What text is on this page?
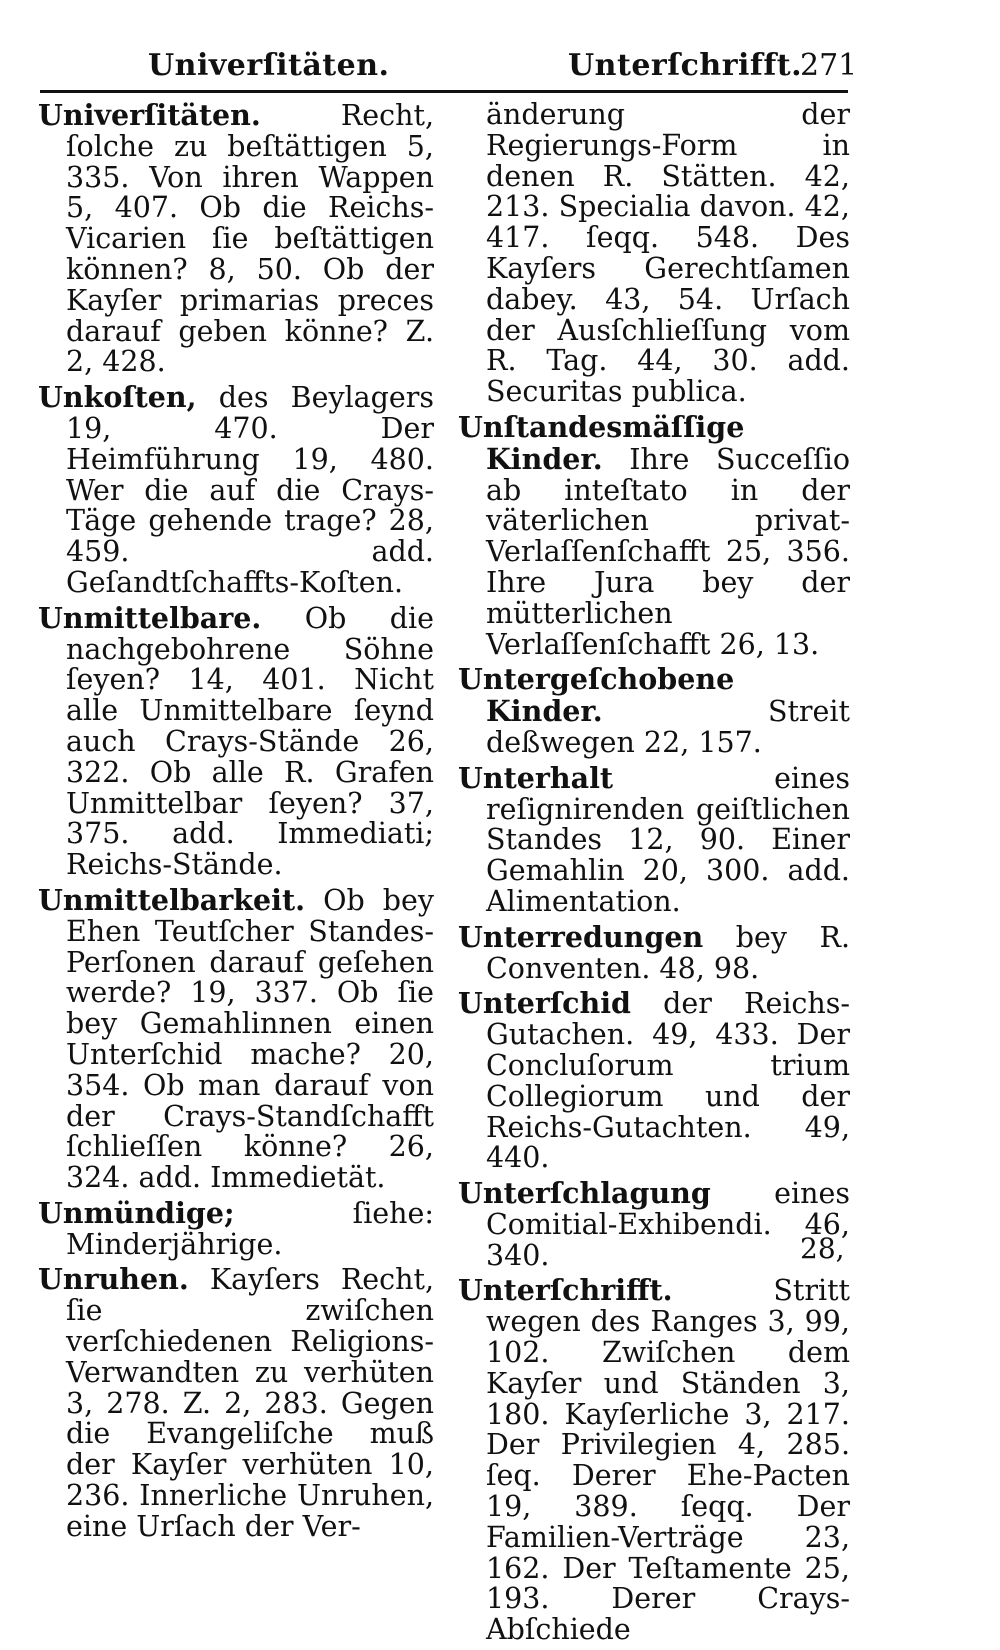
Univerſitäten.	Unterſchrifft.
271

Univerſitäten.	Recht, ſolche zu beſtättigen 5, 335. Von ihren Wappen 5, 407. Ob die Reichs-Vicarien ſie beſtättigen können? 8, 50. Ob der Kayſer primarias preces darauf geben könne? Z. 2, 428.

Unkoſten, des Beylagers 19, 470. Der Heimführung 19, 480. Wer die auf die Crays-Täge gehende trage? 28, 459. add. Geſandtſchaffts-Koſten.

Unmittelbare. Ob die nachgebohrene Söhne ſeyen? 14, 401. Nicht alle Unmittelbare ſeynd auch Crays-Stände 26, 322. Ob alle R. Grafen Unmittelbar ſeyen? 37, 375. add. Immediati; Reichs-Stände.

Unmittelbarkeit. Ob bey Ehen Teutſcher Standes-Perſonen darauf geſehen werde? 19, 337. Ob ſie bey Gemahlinnen einen Unterſchid mache? 20, 354. Ob man darauf von der Crays-Standſchafft ſchlieſſen könne? 26, 324. add. Immedietät.

Unmündige;	ſiehe: Minderjährige.

Unruhen. Kayſers Recht, ſie zwiſchen verſchiedenen Religions-Verwandten zu verhüten 3, 278. Z. 2, 283. Gegen die Evangeliſche muß der Kayſer verhüten 10, 236. Innerliche Unruhen, eine Urſach der Ver-

änderung der Regierungs-Form in denen R. Stätten. 42, 213. Specialia davon. 42, 417. ſeqq. 548. Des Kayſers Gerechtſamen dabey. 43, 54. Urſach der Ausſchlieſſung vom R. Tag. 44, 30. add. Securitas publica.

Unſtandesmäſſige Kinder. Ihre Succeſſio ab inteſtato in der väterlichen privat-Verlaſſenſchafft 25, 356. Ihre Jura bey der mütterlichen Verlaſſenſchafft 26, 13.

Untergeſchobene Kinder.	Streit deßwegen 22, 157.

Unterhalt	eines reſignirenden geiſtlichen Standes 12, 90. Einer Gemahlin 20, 300. add. Alimentation.

Unterredungen bey R. Conventen. 48, 98.

Unterſchid der Reichs-Gutachen. 49, 433. Der Concluſorum trium Collegiorum und der Reichs-Gutachten. 49, 440.

Unterſchlagung eines Comitial-Exhibendi. 46, 340.

Unterſchrifft.	Stritt wegen des Ranges 3, 99, 102. Zwiſchen dem Kayſer und Ständen 3, 180. Kayſerliche 3, 217. Der Privilegien 4, 285. ſeq. Derer Ehe-Pacten 19, 389. ſeqq. Der Familien-Verträge 23, 162. Der Teſtamente 25, 193. Derer Crays-Abſchiede

28,
